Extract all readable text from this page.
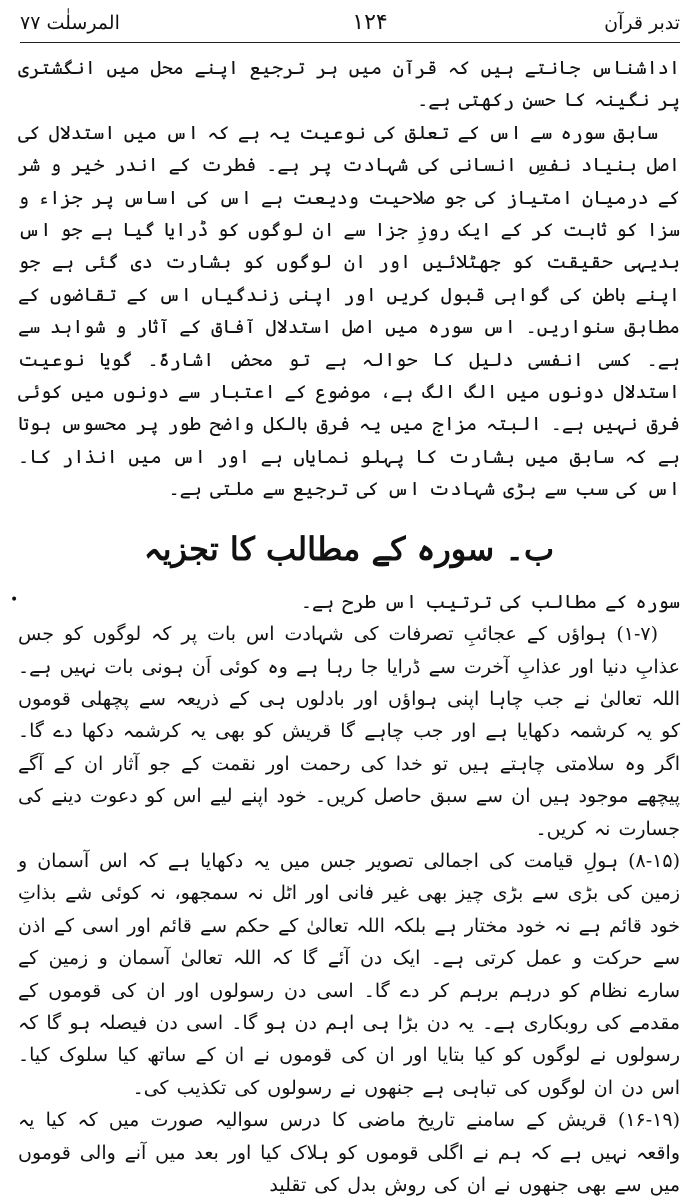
المرسلٰت ۷۷	۱۲۴	تدبر قرآن

اداشناس جانتے ہیں کہ قرآن میں ہر ترجیع اپنے محل میں انگشتری پر نگینہ کا حسن رکھتی ہے۔

سابق سورہ سے اس کے تعلق کی نوعیت یہ ہے کہ اس میں استدلال کی اصل بنیاد نفسِ انسانی کی شہادت پر ہے۔ فطرت کے اندر خیر و شر کے درمیان امتیاز کی جو صلاحیت ودیعت ہے اس کی اساس پر جزاء و سزا کو ثابت کر کے ایک روزِ جزا سے ان لوگوں کو ڈرایا گیا ہے جو اس بدیہی حقیقت کو جھٹلائیں اور ان لوگوں کو بشارت دی گئی ہے جو اپنے باطن کی گواہی قبول کریں اور اپنی زندگیاں اس کے تقاضوں کے مطابق سنواریں۔ اس سورہ میں اصل استدلال آفاق کے آثار و شواہد سے ہے۔ کسی انفسی دلیل کا حوالہ ہے تو محض اشارۃً۔ گویا نوعیت استدلال دونوں میں الگ الگ ہے، موضوع کے اعتبار سے دونوں میں کوئی فرق نہیں ہے۔ البتہ مزاج میں یہ فرق بالکل واضح طور پر محسوس ہوتا ہے کہ سابق میں بشارت کا پہلو نمایاں ہے اور اس میں انذار کا۔ اس کی سب سے بڑی شہادت اس کی ترجیع سے ملتی ہے۔

ب۔ سورہ کے مطالب کا تجزیہ

سورہ کے مطالب کی ترتیب اس طرح ہے۔

(۱-۷) ہواؤں کے عجائبِ تصرفات کی شہادت اس بات پر کہ لوگوں کو جس عذابِ دنیا اور عذابِ آخرت سے ڈرایا جا رہا ہے وہ کوئی اَن ہونی بات نہیں ہے۔ اللہ تعالیٰ نے جب چاہا اپنی ہواؤں اور بادلوں ہی کے ذریعہ سے پچھلی قوموں کو یہ کرشمہ دکھایا ہے اور جب چاہے گا قریش کو بھی یہ کرشمہ دکھا دے گا۔ اگر وہ سلامتی چاہتے ہیں تو خدا کی رحمت اور نقمت کے جو آثار ان کے آگے پیچھے موجود ہیں ان سے سبق حاصل کریں۔ خود اپنے لیے اس کو دعوت دینے کی جسارت نہ کریں۔

(۸-۱۵) ہولِ قیامت کی اجمالی تصویر جس میں یہ دکھایا ہے کہ اس آسمان و زمین کی بڑی سے بڑی چیز بھی غیر فانی اور اٹل نہ سمجھو، نہ کوئی شے بذاتِ خود قائم ہے نہ خود مختار ہے بلکہ اللہ تعالیٰ کے حکم سے قائم اور اسی کے اذن سے حرکت و عمل کرتی ہے۔ ایک دن آئے گا کہ اللہ تعالیٰ آسمان و زمین کے سارے نظام کو درہم برہم کر دے گا۔ اسی دن رسولوں اور ان کی قوموں کے مقدمے کی روبکاری ہے۔ یہ دن بڑا ہی اہم دن ہو گا۔ اسی دن فیصلہ ہو گا کہ رسولوں نے لوگوں کو کیا بتایا اور ان کی قوموں نے ان کے ساتھ کیا سلوک کیا۔ اس دن ان لوگوں کی تباہی ہے جنھوں نے رسولوں کی تکذیب کی۔

(۱۶-۱۹) قریش کے سامنے تاریخ ماضی کا درس سوالیہ صورت میں کہ کیا یہ واقعہ نہیں ہے کہ ہم نے اگلی قوموں کو ہلاک کیا اور بعد میں آنے والی قوموں میں سے بھی جنھوں نے ان کی روش بدل کی تقلید

•
